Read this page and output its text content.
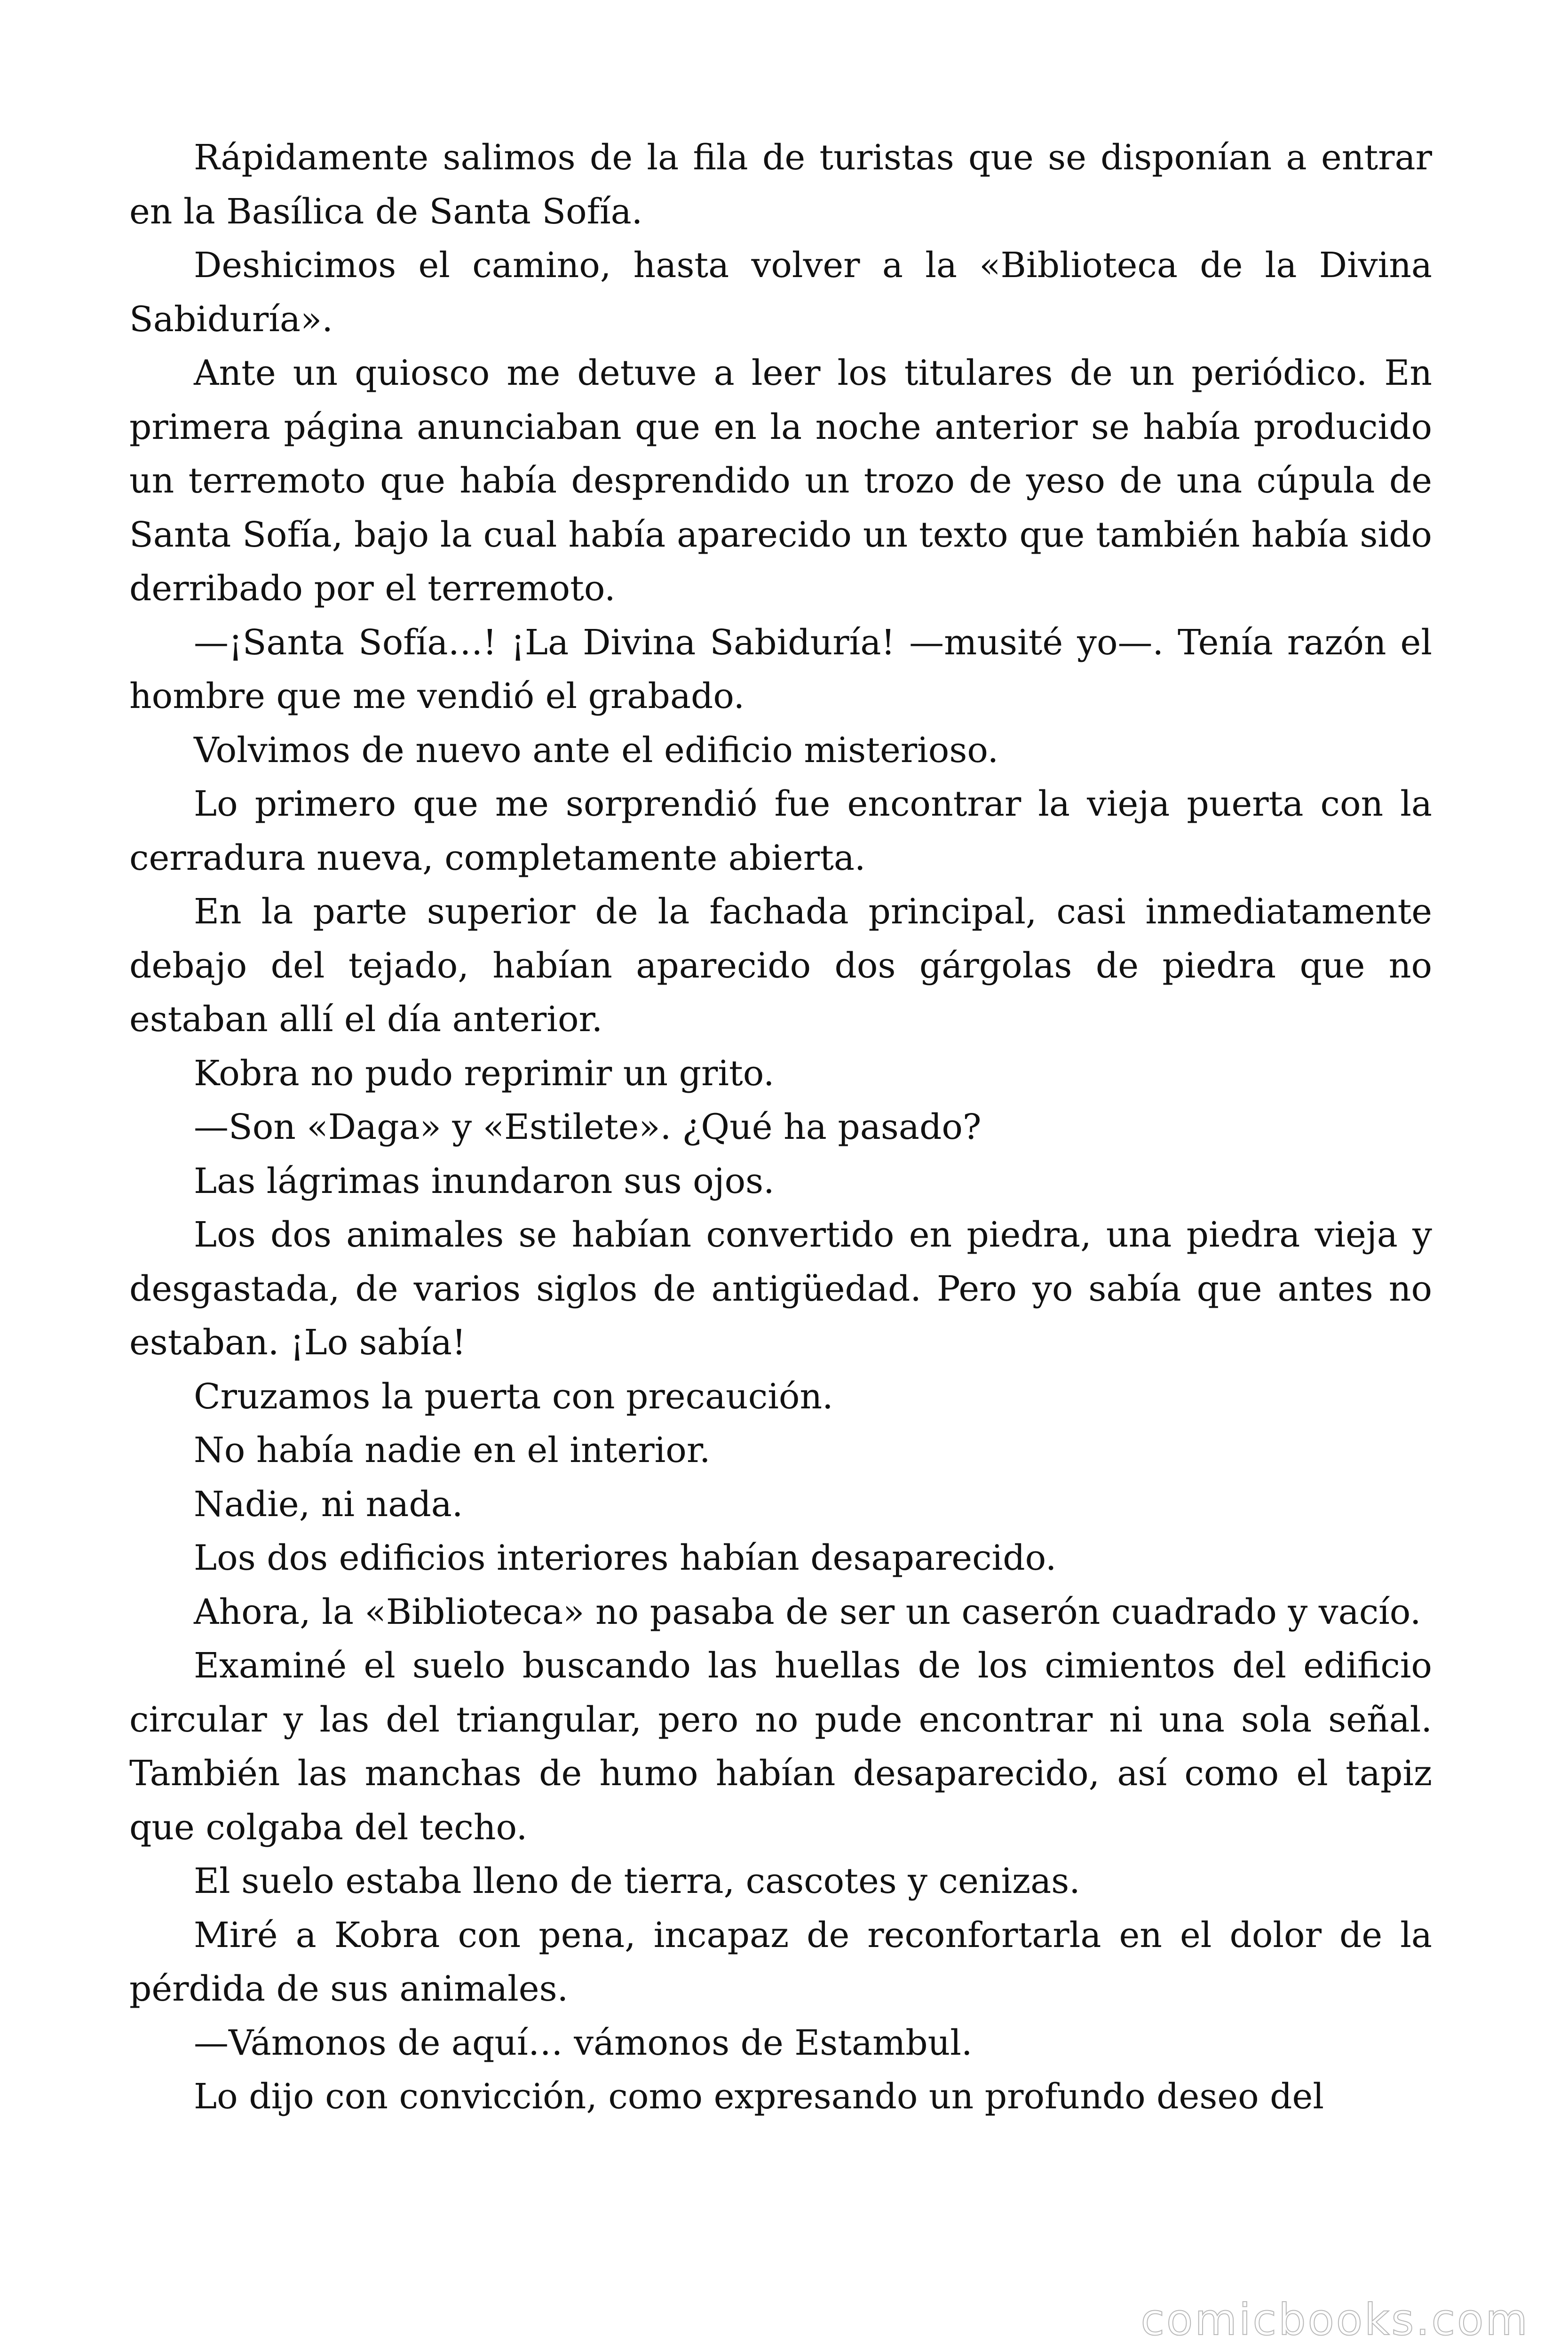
Rápidamente salimos de la fila de turistas que se disponían a entrar en la Basílica de Santa Sofía.

Deshicimos el camino, hasta volver a la «Biblioteca de la Divina Sabiduría».

Ante un quiosco me detuve a leer los titulares de un periódico. En primera página anunciaban que en la noche anterior se había producido un terremoto que había desprendido un trozo de yeso de una cúpula de Santa Sofía, bajo la cual había aparecido un texto que también había sido derribado por el terremoto.

—¡Santa Sofía…! ¡La Divina Sabiduría! —musité yo—. Tenía razón el hombre que me vendió el grabado.

Volvimos de nuevo ante el edificio misterioso.

Lo primero que me sorprendió fue encontrar la vieja puerta con la cerradura nueva, completamente abierta.

En la parte superior de la fachada principal, casi inmediatamente debajo del tejado, habían aparecido dos gárgolas de piedra que no estaban allí el día anterior.

Kobra no pudo reprimir un grito.

—Son «Daga» y «Estilete». ¿Qué ha pasado?

Las lágrimas inundaron sus ojos.

Los dos animales se habían convertido en piedra, una piedra vieja y desgastada, de varios siglos de antigüedad. Pero yo sabía que antes no estaban. ¡Lo sabía!

Cruzamos la puerta con precaución.

No había nadie en el interior.

Nadie, ni nada.

Los dos edificios interiores habían desaparecido.

Ahora, la «Biblioteca» no pasaba de ser un caserón cuadrado y vacío.

Examiné el suelo buscando las huellas de los cimientos del edificio circular y las del triangular, pero no pude encontrar ni una sola señal. También las manchas de humo habían desaparecido, así como el tapiz que colgaba del techo.

El suelo estaba lleno de tierra, cascotes y cenizas.

Miré a Kobra con pena, incapaz de reconfortarla en el dolor de la pérdida de sus animales.

—Vámonos de aquí… vámonos de Estambul.

Lo dijo con convicción, como expresando un profundo deseo del

comicbooks.com
